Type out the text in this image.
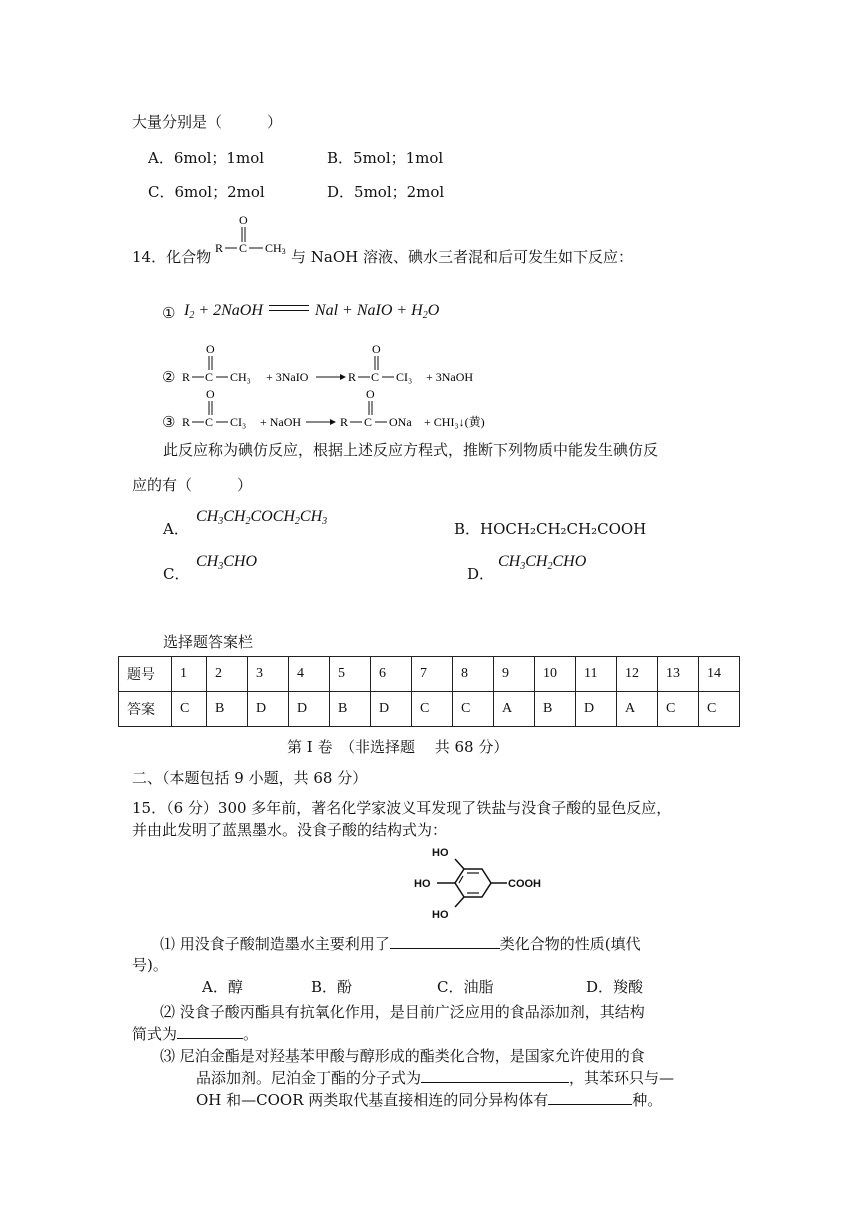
大量分别是（　　　）
A．6mol；1mol	B．5mol；1mol
C．6mol；2mol	D．5mol；2mol
14．化合物
O
R C CH3 与 NaOH 溶液、碘水三者混和后可发生如下反应：
① $I_2$ + 2NaOH	Nal + NaIO + $H_2O$
②
O
R C CH₃ + 3NaIO
O
R C CI₃ + 3NaOH
③
O
R C CI₃ + NaOH
O
R C ONa + CHI₃↓(黄)
此反应称为碘仿反应，根据上述反应方程式，推断下列物质中能发生碘仿反
应的有（　　　）
A．
$CH_3CH_2COCH_2CH_3$	B．HOCH₂CH₂CH₂COOH
C．
$CH_3CHO$
D．
$CH_3CH_2CHO$
选择题答案栏
题号	1	2	3	4	5	6	7	8	9	10	11	12	13	14
答案	C	B	D	D	B	D	C	C	A	B	D	A	C	C
第 I 卷　（非选择题　 共 68 分）
二、（本题包括 9 小题，共 68 分）
15．（6 分）300 多年前，著名化学家波义耳发现了铁盐与没食子酸的显色反应，
并由此发明了蓝黑墨水。没食子酸的结构式为：
HO
HO
HO
COOH
⑴ 用没食子酸制造墨水主要利用了	类化合物的性质(填代
号)。
A．醇	B．酚	C．油脂	D．羧酸
⑵ 没食子酸丙酯具有抗氧化作用，是目前广泛应用的食品添加剂，其结构
简式为	。
⑶ 尼泊金酯是对羟基苯甲酸与醇形成的酯类化合物，是国家允许使用的食
品添加剂。尼泊金丁酯的分子式为	，其苯环只与—
OH 和—COOR 两类取代基直接相连的同分异构体有	种。
